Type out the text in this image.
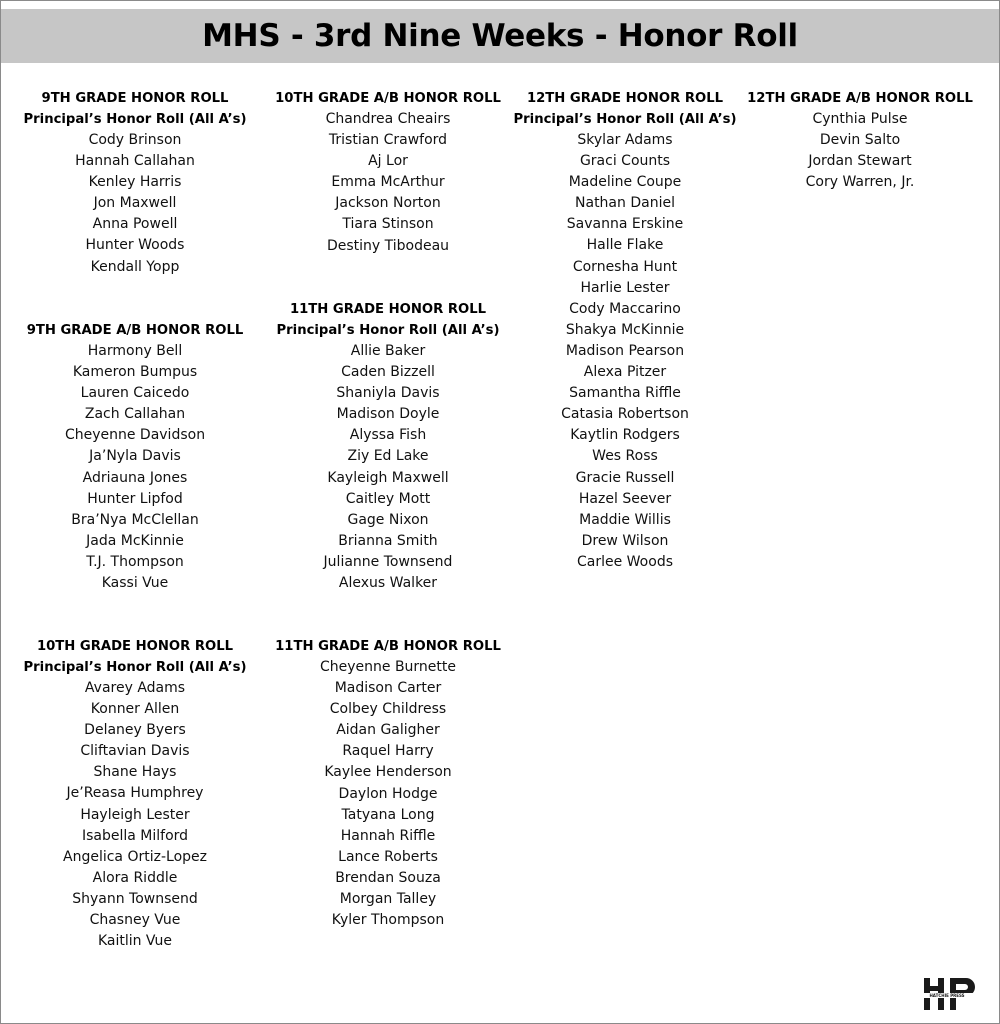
MHS - 3rd Nine Weeks - Honor Roll
9TH GRADE HONOR ROLL
Principal’s Honor Roll (All A’s)
Cody Brinson
Hannah Callahan
Kenley Harris
Jon Maxwell
Anna Powell
Hunter Woods
Kendall Yopp
9TH GRADE A/B HONOR ROLL
Harmony Bell
Kameron Bumpus
Lauren Caicedo
Zach Callahan
Cheyenne Davidson
Ja’Nyla Davis
Adriauna Jones
Hunter Lipfod
Bra’Nya McClellan
Jada McKinnie
T.J. Thompson
Kassi Vue
10TH GRADE HONOR ROLL
Principal’s Honor Roll (All A’s)
Avarey Adams
Konner Allen
Delaney Byers
Cliftavian Davis
Shane Hays
Je’Reasa Humphrey
Hayleigh Lester
Isabella Milford
Angelica Ortiz-Lopez
Alora Riddle
Shyann Townsend
Chasney Vue
Kaitlin Vue
10TH GRADE A/B HONOR ROLL
Chandrea Cheairs
Tristian Crawford
Aj Lor
Emma McArthur
Jackson Norton
Tiara Stinson
Destiny Tibodeau
11TH GRADE HONOR ROLL
Principal’s Honor Roll (All A’s)
Allie Baker
Caden Bizzell
Shaniyla Davis
Madison Doyle
Alyssa Fish
Ziy Ed Lake
Kayleigh Maxwell
Caitley Mott
Gage Nixon
Brianna Smith
Julianne Townsend
Alexus Walker
11TH GRADE A/B HONOR ROLL
Cheyenne Burnette
Madison Carter
Colbey Childress
Aidan Galigher
Raquel Harry
Kaylee Henderson
Daylon Hodge
Tatyana Long
Hannah Riffle
Lance Roberts
Brendan Souza
Morgan Talley
Kyler Thompson
12TH GRADE HONOR ROLL
Principal’s Honor Roll (All A’s)
Skylar Adams
Graci Counts
Madeline Coupe
Nathan Daniel
Savanna Erskine
Halle Flake
Cornesha Hunt
Harlie Lester
Cody Maccarino
Shakya McKinnie
Madison Pearson
Alexa Pitzer
Samantha Riffle
Catasia Robertson
Kaytlin Rodgers
Wes Ross
Gracie Russell
Hazel Seever
Maddie Willis
Drew Wilson
Carlee Woods
12TH GRADE A/B HONOR ROLL
Cynthia Pulse
Devin Salto
Jordan Stewart
Cory Warren, Jr.
HATCHIE PRESS
